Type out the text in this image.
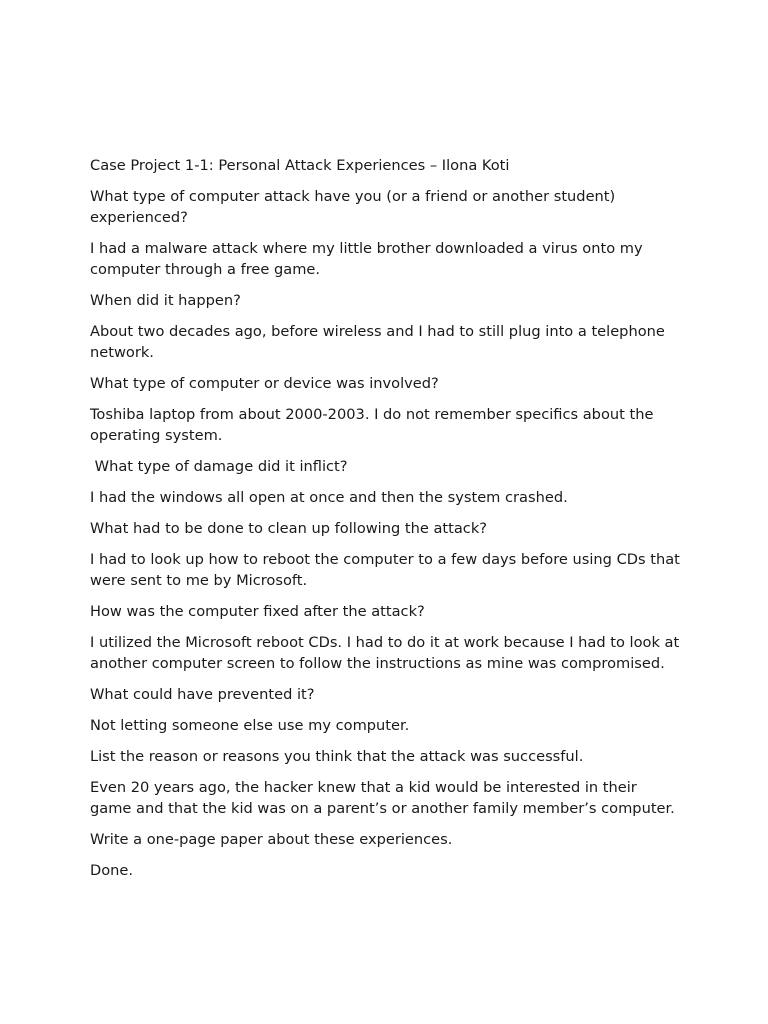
Case Project 1-1: Personal Attack Experiences – Ilona Koti

What type of computer attack have you (or a friend or another student) experienced?

I had a malware attack where my little brother downloaded a virus onto my computer through a free game.

When did it happen?

About two decades ago, before wireless and I had to still plug into a telephone network.

What type of computer or device was involved?

Toshiba laptop from about 2000-2003. I do not remember specifics about the operating system.

What type of damage did it inflict?

I had the windows all open at once and then the system crashed.

What had to be done to clean up following the attack?

I had to look up how to reboot the computer to a few days before using CDs that were sent to me by Microsoft.

How was the computer fixed after the attack?

I utilized the Microsoft reboot CDs. I had to do it at work because I had to look at another computer screen to follow the instructions as mine was compromised.

What could have prevented it?

Not letting someone else use my computer.

List the reason or reasons you think that the attack was successful.

Even 20 years ago, the hacker knew that a kid would be interested in their game and that the kid was on a parent’s or another family member’s computer.

Write a one-page paper about these experiences.

Done.
